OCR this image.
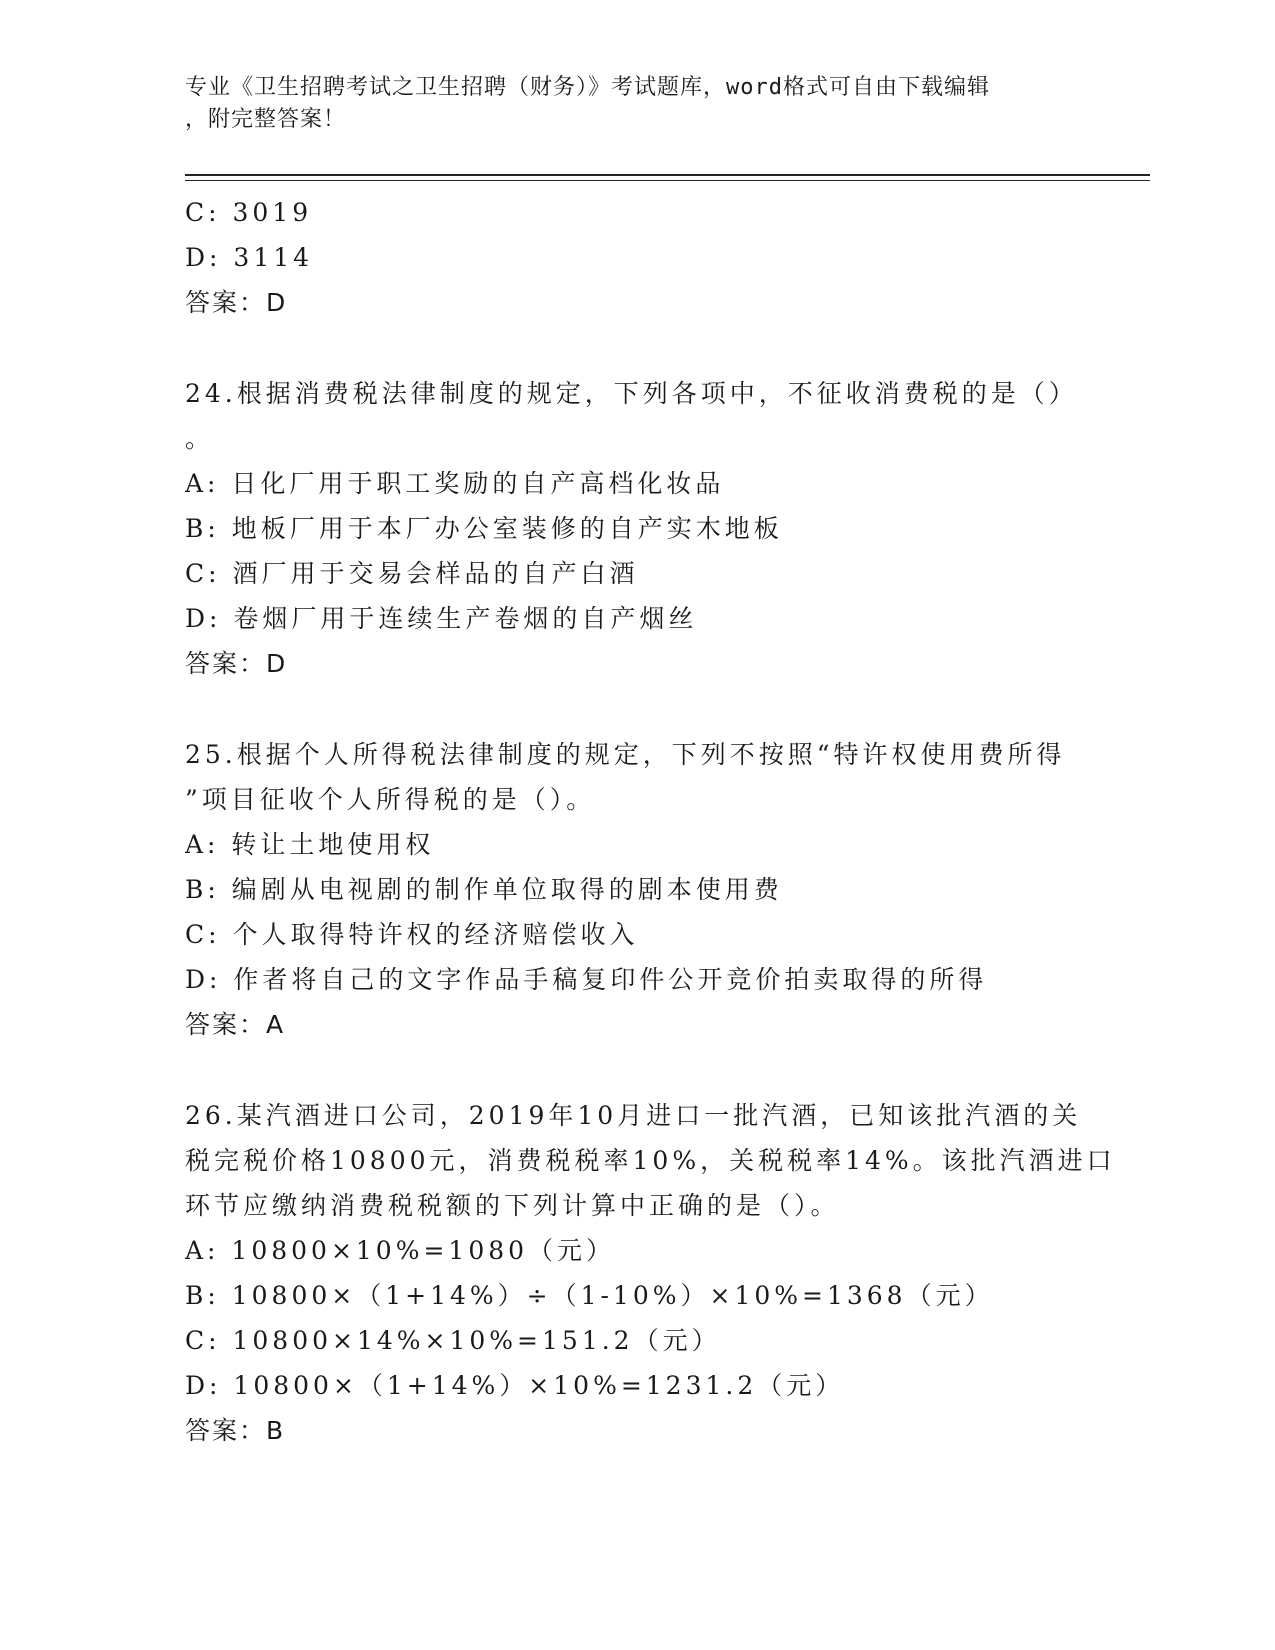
专业《卫生招聘考试之卫生招聘（财务）》考试题库，word格式可自由下载编辑
，附完整答案！
C: 3019
D: 3114
答案：D
24.根据消费税法律制度的规定，下列各项中，不征收消费税的是（）
。
A: 日化厂用于职工奖励的自产高档化妆品
B: 地板厂用于本厂办公室装修的自产实木地板
C: 酒厂用于交易会样品的自产白酒
D: 卷烟厂用于连续生产卷烟的自产烟丝
答案：D
25.根据个人所得税法律制度的规定，下列不按照“特许权使用费所得
”项目征收个人所得税的是（）。
A: 转让土地使用权
B: 编剧从电视剧的制作单位取得的剧本使用费
C: 个人取得特许权的经济赔偿收入
D: 作者将自己的文字作品手稿复印件公开竞价拍卖取得的所得
答案：A
26.某汽酒进口公司，2019年10月进口一批汽酒，已知该批汽酒的关
税完税价格10800元，消费税税率10%，关税税率14%。该批汽酒进口
环节应缴纳消费税税额的下列计算中正确的是（）。
A: 10800×10%=1080（元）
B: 10800×（1+14%）÷（1-10%）×10%=1368（元）
C: 10800×14%×10%=151.2（元）
D: 10800×（1+14%）×10%=1231.2（元）
答案：B
